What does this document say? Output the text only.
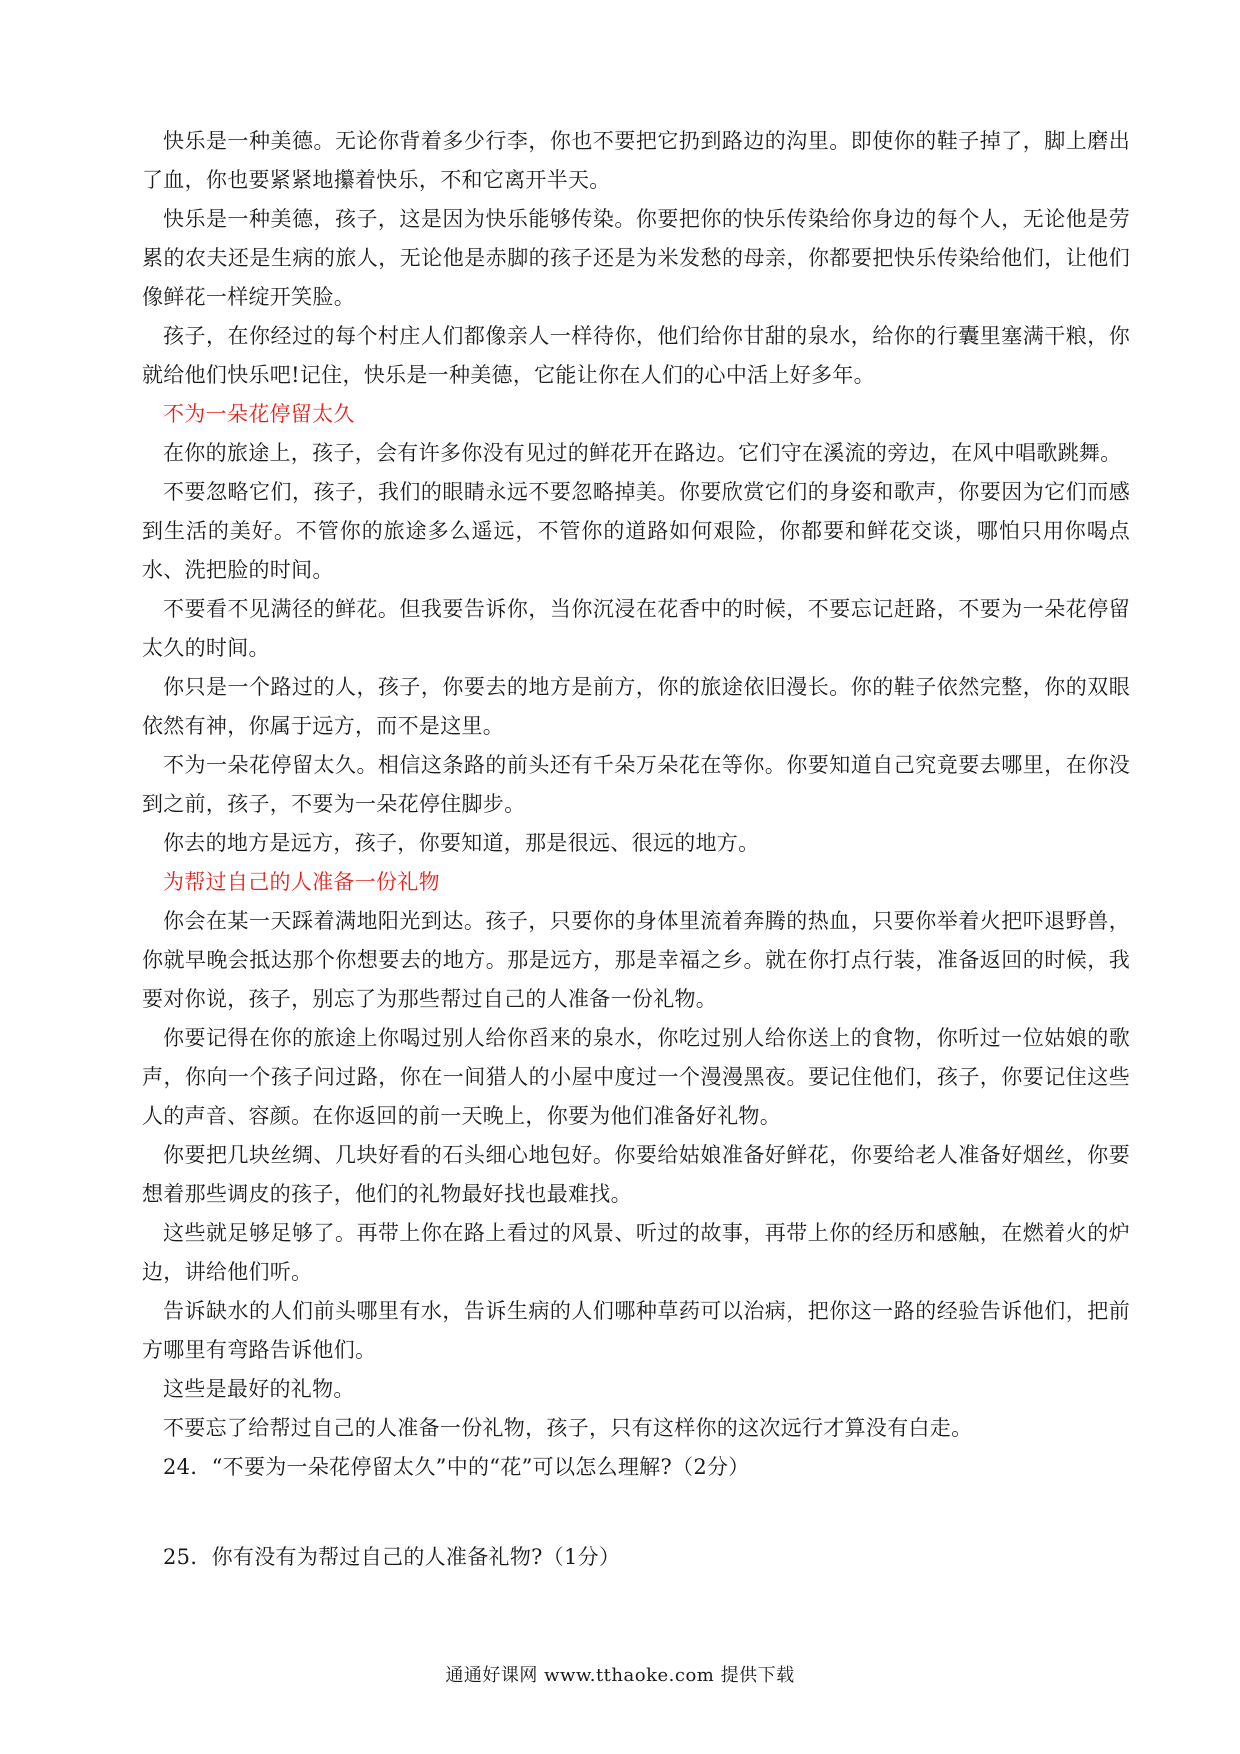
快乐是一种美德。无论你背着多少行李，你也不要把它扔到路边的沟里。即使你的鞋子掉了，脚上磨出了血，你也要紧紧地攥着快乐，不和它离开半天。

快乐是一种美德，孩子，这是因为快乐能够传染。你要把你的快乐传染给你身边的每个人，无论他是劳累的农夫还是生病的旅人，无论他是赤脚的孩子还是为米发愁的母亲，你都要把快乐传染给他们，让他们像鲜花一样绽开笑脸。

孩子，在你经过的每个村庄人们都像亲人一样待你，他们给你甘甜的泉水，给你的行囊里塞满干粮，你就给他们快乐吧!记住，快乐是一种美德，它能让你在人们的心中活上好多年。

不为一朵花停留太久

在你的旅途上，孩子，会有许多你没有见过的鲜花开在路边。它们守在溪流的旁边，在风中唱歌跳舞。

不要忽略它们，孩子，我们的眼睛永远不要忽略掉美。你要欣赏它们的身姿和歌声，你要因为它们而感到生活的美好。不管你的旅途多么遥远，不管你的道路如何艰险，你都要和鲜花交谈，哪怕只用你喝点水、洗把脸的时间。

不要看不见满径的鲜花。但我要告诉你，当你沉浸在花香中的时候，不要忘记赶路，不要为一朵花停留太久的时间。

你只是一个路过的人，孩子，你要去的地方是前方，你的旅途依旧漫长。你的鞋子依然完整，你的双眼依然有神，你属于远方，而不是这里。

不为一朵花停留太久。相信这条路的前头还有千朵万朵花在等你。你要知道自己究竟要去哪里，在你没到之前，孩子，不要为一朵花停住脚步。

你去的地方是远方，孩子，你要知道，那是很远、很远的地方。

为帮过自己的人准备一份礼物

你会在某一天踩着满地阳光到达。孩子，只要你的身体里流着奔腾的热血，只要你举着火把吓退野兽，你就早晚会抵达那个你想要去的地方。那是远方，那是幸福之乡。就在你打点行装，准备返回的时候，我要对你说，孩子，别忘了为那些帮过自己的人准备一份礼物。

你要记得在你的旅途上你喝过别人给你舀来的泉水，你吃过别人给你送上的食物，你听过一位姑娘的歌声，你向一个孩子问过路，你在一间猎人的小屋中度过一个漫漫黑夜。要记住他们，孩子，你要记住这些人的声音、容颜。在你返回的前一天晚上，你要为他们准备好礼物。

你要把几块丝绸、几块好看的石头细心地包好。你要给姑娘准备好鲜花，你要给老人准备好烟丝，你要想着那些调皮的孩子，他们的礼物最好找也最难找。

这些就足够足够了。再带上你在路上看过的风景、听过的故事，再带上你的经历和感触，在燃着火的炉边，讲给他们听。

告诉缺水的人们前头哪里有水，告诉生病的人们哪种草药可以治病，把你这一路的经验告诉他们，把前方哪里有弯路告诉他们。

这些是最好的礼物。

不要忘了给帮过自己的人准备一份礼物，孩子，只有这样你的这次远行才算没有白走。

24．“不要为一朵花停留太久”中的“花”可以怎么理解?（2分）

25．你有没有为帮过自己的人准备礼物?（1分）

通通好课网 www.tthaoke.com 提供下载
